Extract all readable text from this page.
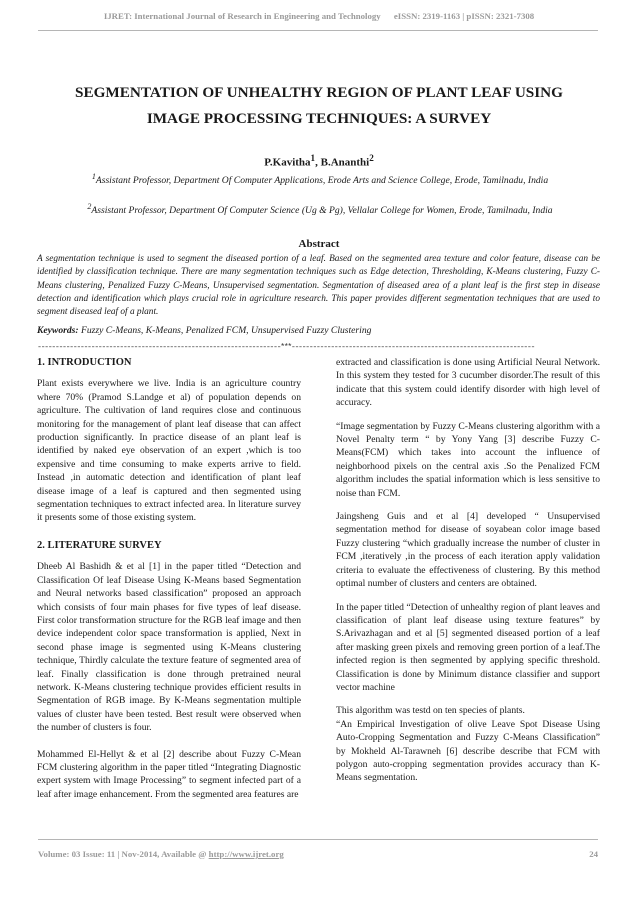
IJRET: International Journal of Research in Engineering and Technology eISSN: 2319-1163 | pISSN: 2321-7308
SEGMENTATION OF UNHEALTHY REGION OF PLANT LEAF USING
IMAGE PROCESSING TECHNIQUES: A SURVEY
P.Kavitha$^1$, B.Ananthi$^2$
$^1$Assistant Professor, Department Of Computer Applications, Erode Arts and Science College, Erode, Tamilnadu, India
$^2$Assistant Professor, Department Of Computer Science (Ug & Pg), Vellalar College for Women, Erode, Tamilnadu, India
Abstract
A segmentation technique is used to segment the diseased portion of a leaf. Based on the segmented area texture and color feature, disease can be identified by classification technique. There are many segmentation techniques such as Edge detection, Thresholding, K-Means clustering, Fuzzy C-Means clustering, Penalized Fuzzy C-Means, Unsupervised segmentation. Segmentation of diseased area of a plant leaf is the first step in disease detection and identification which plays crucial role in agriculture research. This paper provides different segmentation techniques that are used to segment diseased leaf of a plant.
Keywords: Fuzzy C-Means, K-Means, Penalized FCM, Unsupervised Fuzzy Clustering
--------------------------------------------------------------------***--------------------------------------------------------------------
1. INTRODUCTION

Plant exists everywhere we live. India is an agriculture country where 70% (Pramod S.Landge et al) of population depends on agriculture. The cultivation of land requires close and continuous monitoring for the management of plant leaf disease that can affect production significantly. In practice disease of an plant leaf is identified by naked eye observation of an expert ,which is too expensive and time consuming to make experts arrive to field. Instead ,in automatic detection and identification of plant leaf disease image of a leaf is captured and then segmented using segmentation techniques to extract infected area. In literature survey it presents some of those existing system.

2. LITERATURE SURVEY

Dheeb Al Bashidh & et al [1] in the paper titled “Detection and Classification Of leaf Disease Using K-Means based Segmentation and Neural networks based classification” proposed an approach which consists of four main phases for five types of leaf disease. First color transformation structure for the RGB leaf image and then device independent color space transformation is applied, Next in second phase image is segmented using K-Means clustering technique, Thirdly calculate the texture feature of segmented area of leaf. Finally classification is done through pretrained neural network. K-Means clustering technique provides efficient results in Segmentation of RGB image. By K-Means segmentation multiple values of cluster have been tested. Best result were observed when the number of clusters is four.

Mohammed El-Hellyt & et al [2] describe about Fuzzy C-Mean FCM clustering algorithm in the paper titled “Integrating Diagnostic expert system with Image Processing” to segment infected part of a leaf after image enhancement. From the segmented area features are

extracted and classification is done using Artificial Neural Network. In this system they tested for 3 cucumber disorder.The result of this indicate that this system could identify disorder with high level of accuracy.

“Image segmentation by Fuzzy C-Means clustering algorithm with a Novel Penalty term “ by Yony Yang [3] describe Fuzzy C-Means(FCM) which takes into account the influence of neighborhood pixels on the central axis .So the Penalized FCM algorithm includes the spatial information which is less sensitive to noise than FCM.

Jaingsheng Guis and et al [4] developed “ Unsupervised segmentation method for disease of soyabean color image based Fuzzy clustering “which gradually increase the number of cluster in FCM ,iteratively ,in the process of each iteration apply validation criteria to evaluate the effectiveness of clustering. By this method optimal number of clusters and centers are obtained.

In the paper titled “Detection of unhealthy region of plant leaves and classification of plant leaf disease using texture features” by S.Arivazhagan and et al [5] segmented diseased portion of a leaf after masking green pixels and removing green portion of a leaf.The infected region is then segmented by applying specific threshold. Classification is done by Minimum distance classifier and support vector machine

This algorithm was testd on ten species of plants.
“An Empirical Investigation of olive Leave Spot Disease Using Auto-Cropping Segmentation and Fuzzy C-Means Classification” by Mokheld Al-Tarawneh [6] describe describe that FCM with polygon auto-cropping segmentation provides accuracy than K-Means segmentation.

Volume: 03 Issue: 11 | Nov-2014, Available @ http://www.ijret.org	24
